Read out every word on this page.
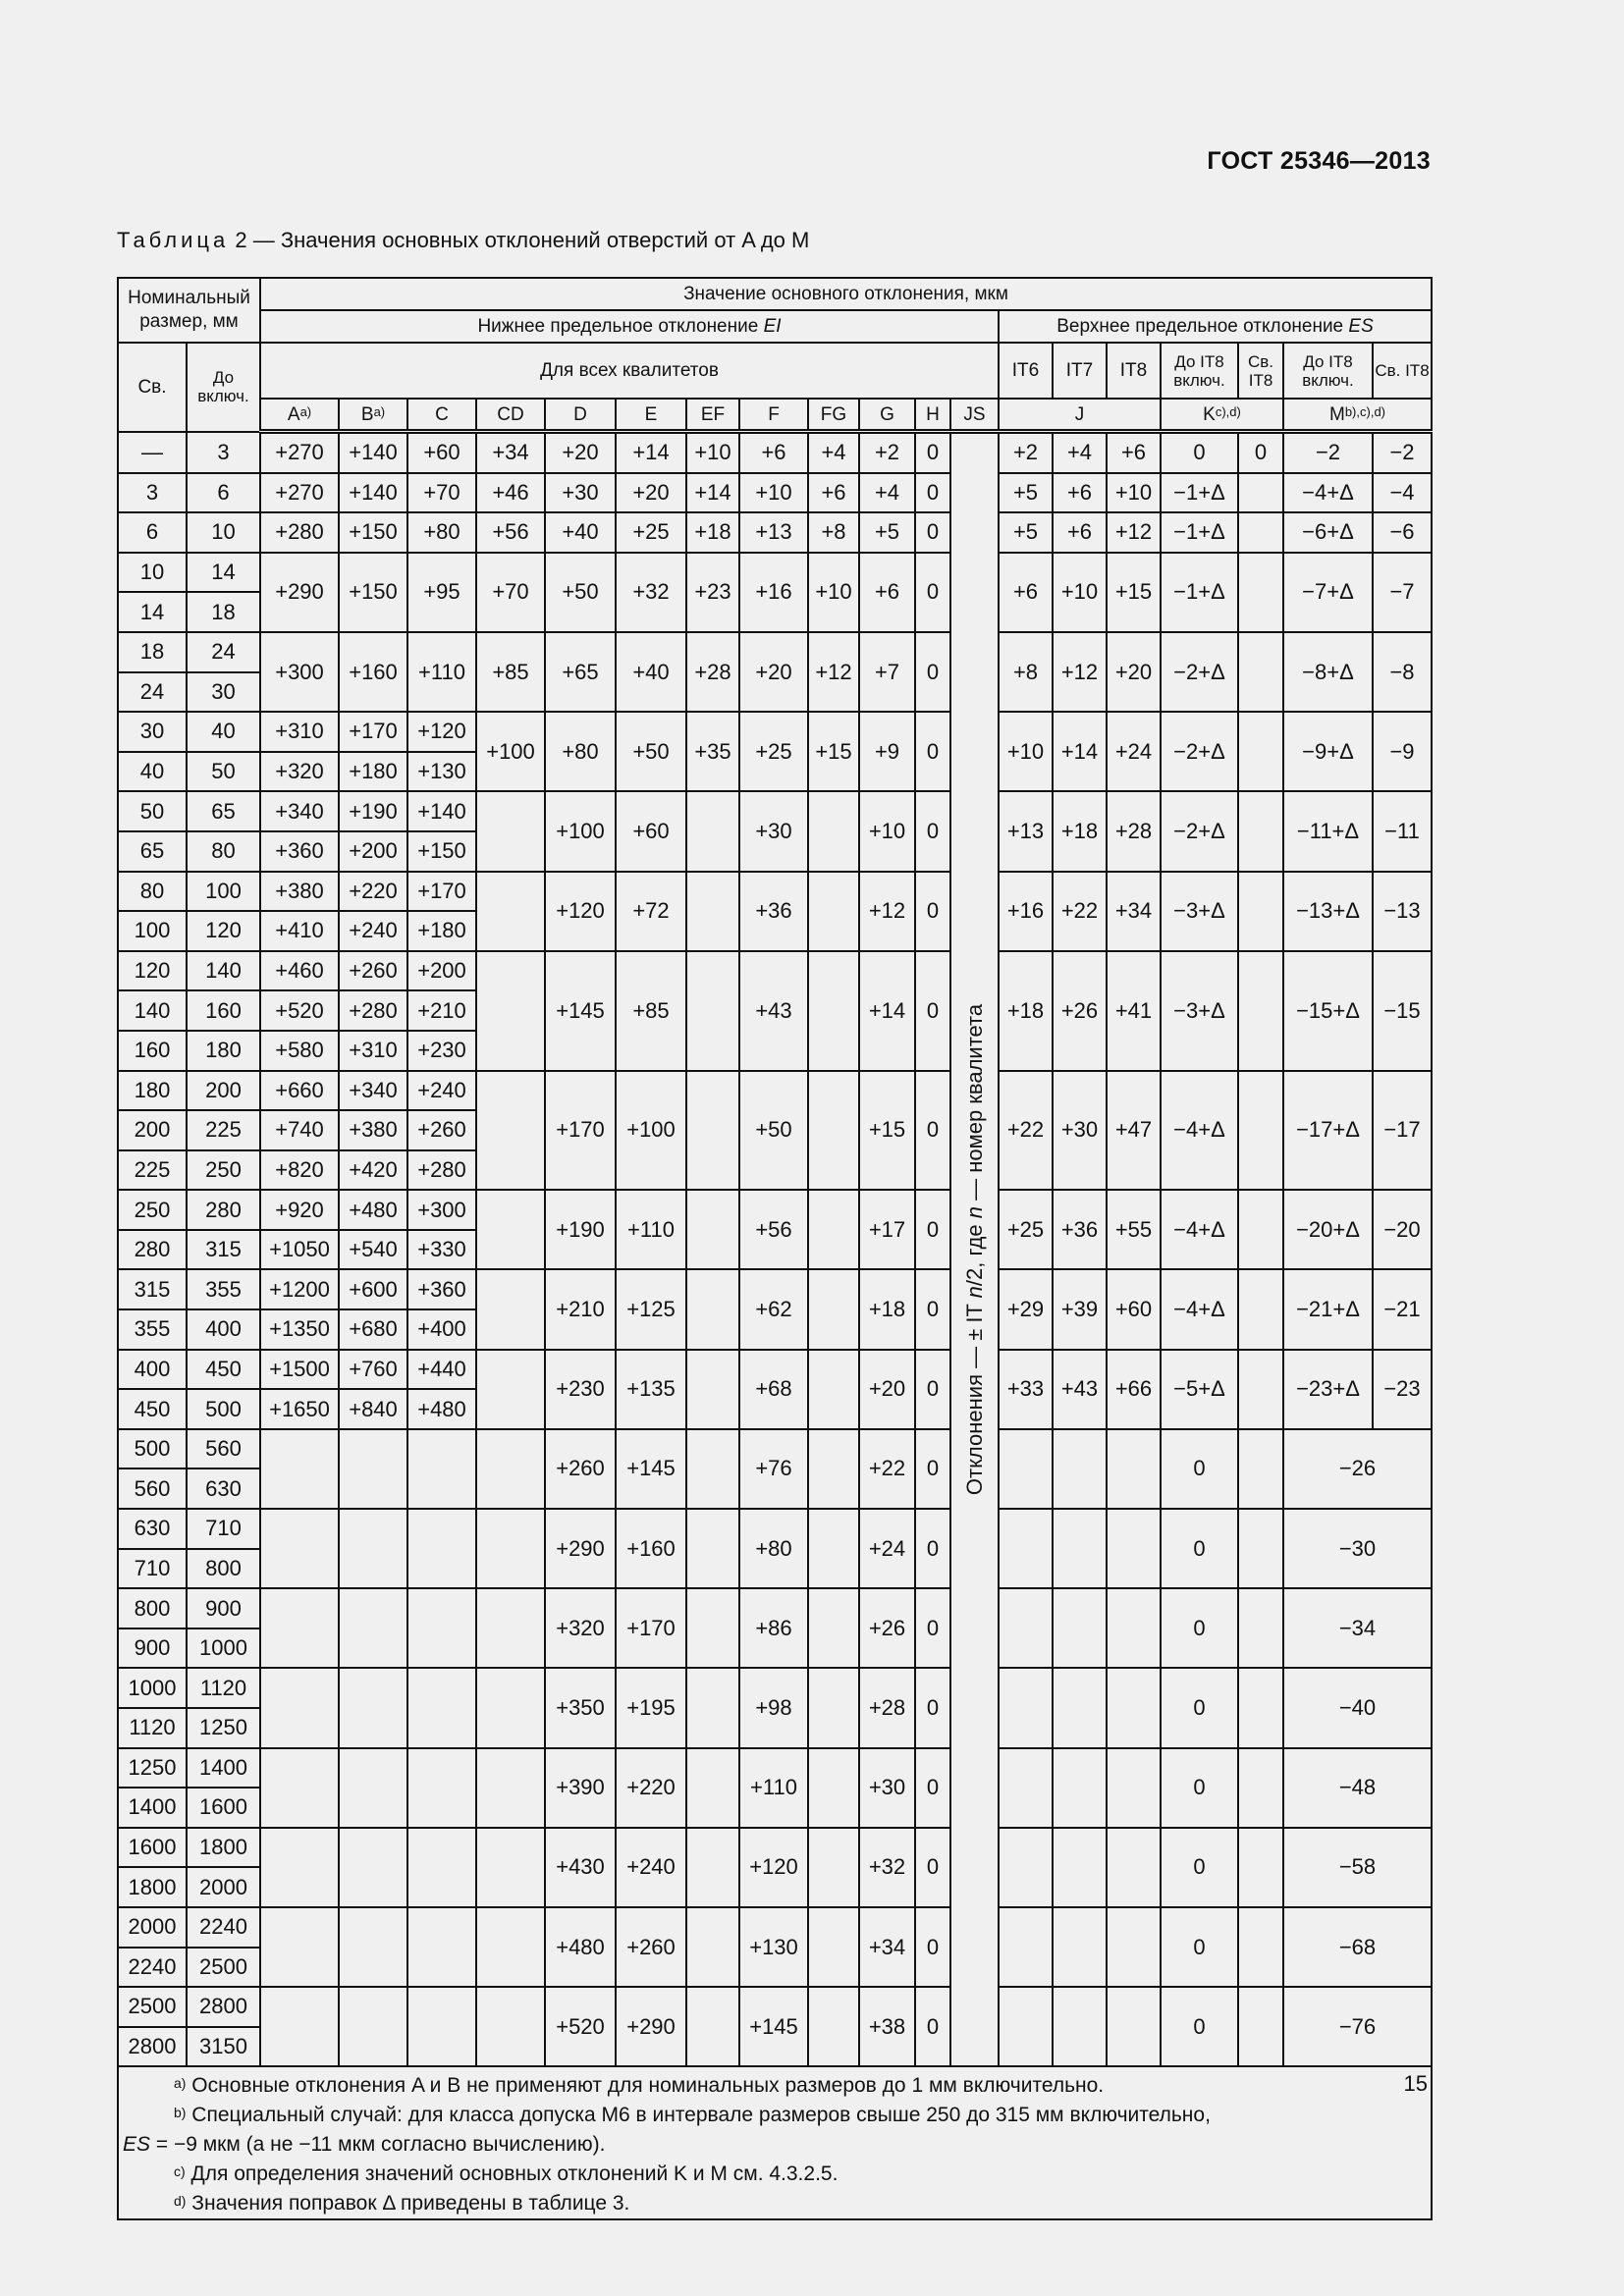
ГОСТ 25346—2013
Таблица 2 — Значения основных отклонений отверстий от A до M
Номинальный размер, мм		Значение основного отклонения, мкм																		
		Нижнее предельное отклонение EI												Верхнее предельное отклонение ES						
Св.	До включ.	Для всех квалитетов												IT6	IT7	IT8	До IT8 включ.	Св. IT8	До IT8 включ.	Св. IT8
		$A^{a)}$	$B^{a)}$	C	CD	D	E	EF	F	FG	G	H	JS	J			$K^{c),d)}$		$M^{b),c),d)}$
—	3	+270	+140	+60	+34	+20	+14	+10	+6	+4	+2	0	Отклонения — ± IT n/2, где n — номер квалитета	+2	+4	+6	0	0	−2	−2
3	6	+270	+140	+70	+46	+30	+20	+14	+10	+6	+4	0		+5	+6	+10	−1+Δ		−4+Δ	−4
6	10	+280	+150	+80	+56	+40	+25	+18	+13	+8	+5	0		+5	+6	+12	−1+Δ		−6+Δ	−6
10	14	+290	+150	+95	+70	+50	+32	+23	+16	+10	+6	0		+6	+10	+15	−1+Δ		−7+Δ	−7
14	18																			
18	24	+300	+160	+110	+85	+65	+40	+28	+20	+12	+7	0		+8	+12	+20	−2+Δ		−8+Δ	−8
24	30																			
30	40	+310	+170	+120	+100	+80	+50	+35	+25	+15	+9	0		+10	+14	+24	−2+Δ		−9+Δ	−9
40	50	+320	+180	+130																
50	65	+340	+190	+140		+100	+60		+30		+10	0		+13	+18	+28	−2+Δ		−11+Δ	−11
65	80	+360	+200	+150																
80	100	+380	+220	+170		+120	+72		+36		+12	0		+16	+22	+34	−3+Δ		−13+Δ	−13
100	120	+410	+240	+180																
120	140	+460	+260	+200		+145	+85		+43		+14	0		+18	+26	+41	−3+Δ		−15+Δ	−15
140	160	+520	+280	+210																
160	180	+580	+310	+230																
180	200	+660	+340	+240		+170	+100		+50		+15	0		+22	+30	+47	−4+Δ		−17+Δ	−17
200	225	+740	+380	+260																
225	250	+820	+420	+280																
250	280	+920	+480	+300		+190	+110		+56		+17	0		+25	+36	+55	−4+Δ		−20+Δ	−20
280	315	+1050	+540	+330																
315	355	+1200	+600	+360		+210	+125		+62		+18	0		+29	+39	+60	−4+Δ		−21+Δ	−21
355	400	+1350	+680	+400																
400	450	+1500	+760	+440		+230	+135		+68		+20	0		+33	+43	+66	−5+Δ		−23+Δ	−23
450	500	+1650	+840	+480																
500	560					+260	+145		+76		+22	0					0		−26	
560	630																			
630	710					+290	+160		+80		+24	0					0		−30	
710	800																			
800	900					+320	+170		+86		+26	0					0		−34	
900	1000																			
1000	1120					+350	+195		+98		+28	0					0		−40	
1120	1250																			
1250	1400					+390	+220		+110		+30	0					0		−48	
1400	1600																			
1600	1800					+430	+240		+120		+32	0					0		−58	
1800	2000																			
2000	2240					+480	+260		+130		+34	0					0		−68	
2240	2500																			
2500	2800					+520	+290		+145		+38	0					0		−76	
2800	3150																			
$^{a)}$ Основные отклонения A и B не применяют для номинальных размеров до 1 мм включительно.
$^{b)}$ Специальный случай: для класса допуска M6 в интервале размеров свыше 250 до 315 мм включительно,
ES = −9 мкм (а не −11 мкм согласно вычислению).
$^{c)}$ Для определения значений основных отклонений K и M см. 4.3.2.5.
$^{d)}$ Значения поправок Δ приведены в таблице 3.
15
